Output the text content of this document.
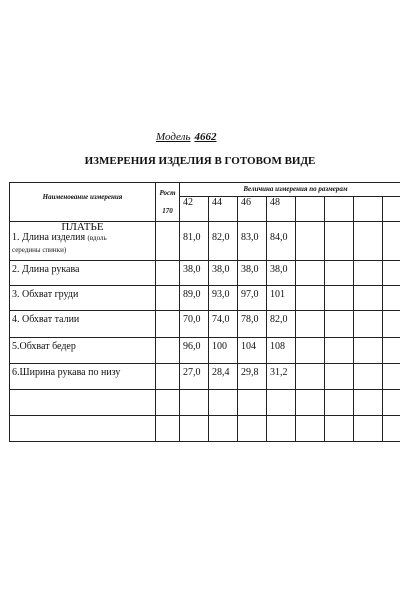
Модель 4662
ИЗМЕРЕНИЯ ИЗДЕЛИЯ В ГОТОВОМ ВИДЕ
Наименование измерения	Рост
170	Величина измерения по размерам							
		42	44	46	48				
ПЛАТЬЕ									
1. Длина изделия (вдоль
середины спинки)		81,0	82,0	83,0	84,0				
2. Длина рукава		38,0	38,0	38,0	38,0				
3. Обхват груди		89,0	93,0	97,0	101				
4. Обхват талии		70,0	74,0	78,0	82,0				
5.Обхват бедер		96,0	100	104	108				
6.Ширина рукава по низу		27,0	28,4	29,8	31,2				
